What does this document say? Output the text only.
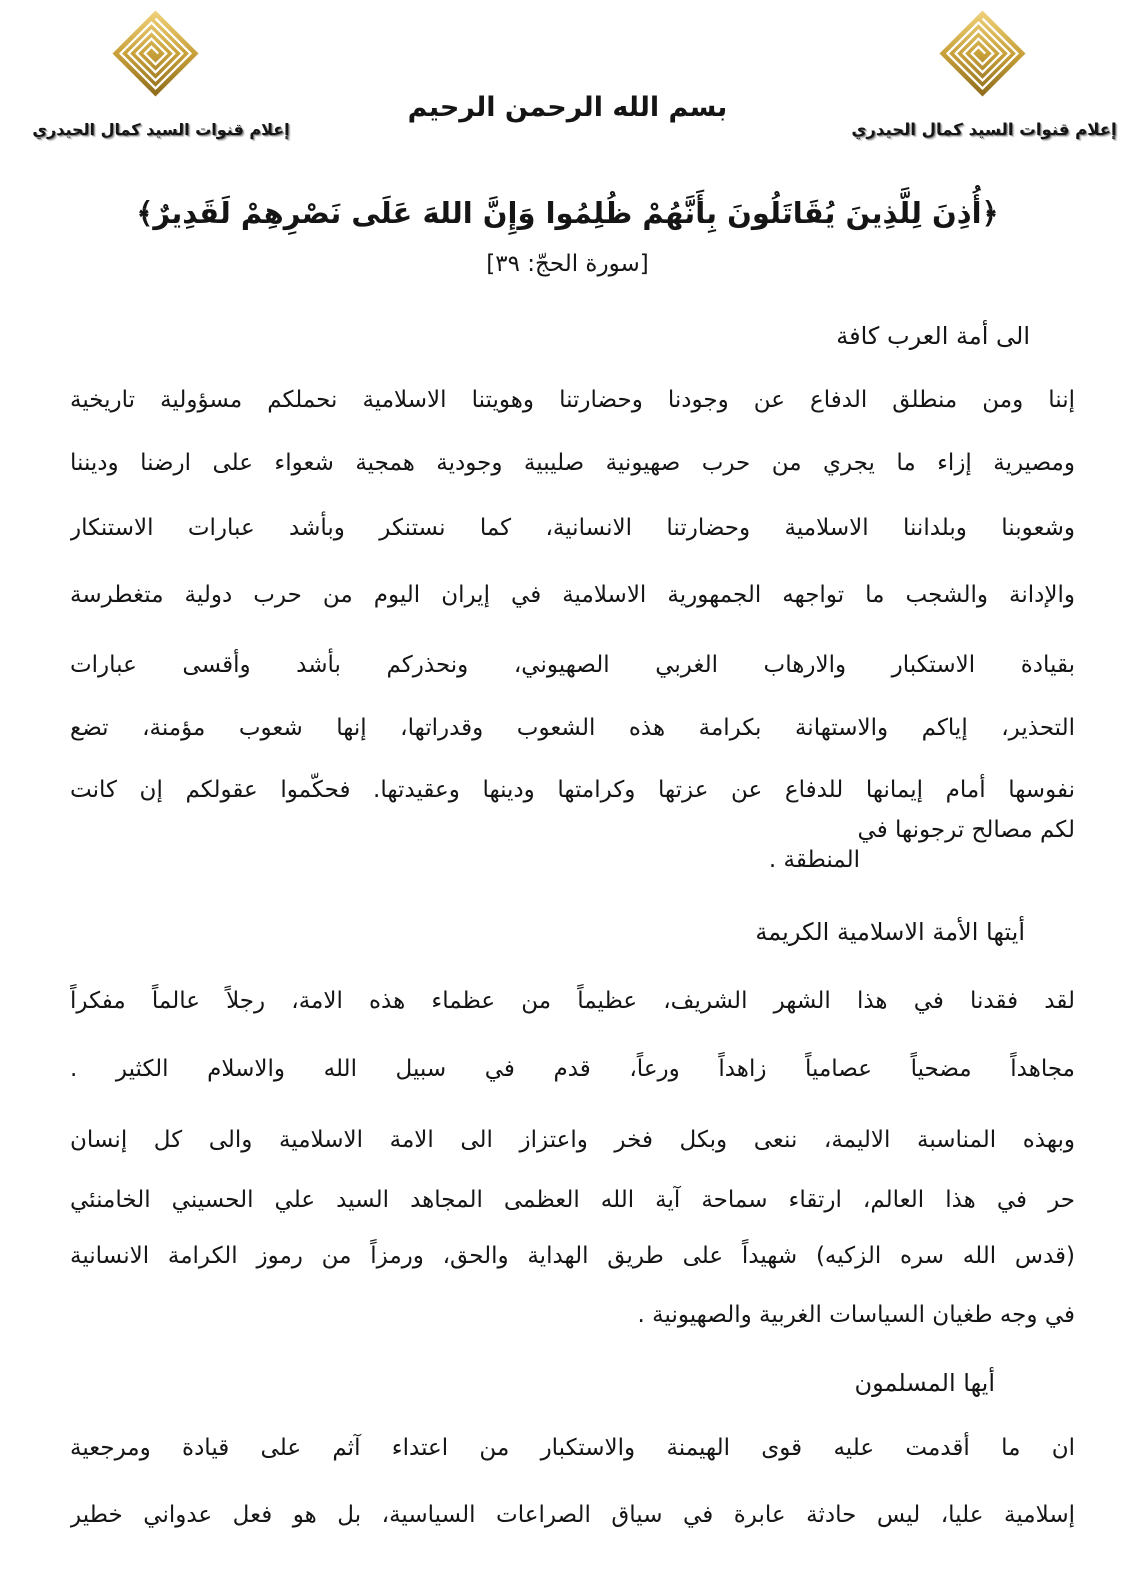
إعلام قنوات السيد كمال الحيدري	إعلام قنوات السيد كمال الحيدري
بسم الله الرحمن الرحيم
﴿أُذِنَ لِلَّذِينَ يُقَاتَلُونَ بِأَنَّهُمْ ظُلِمُوا وَإِنَّ اللهَ عَلَى نَصْرِهِمْ لَقَدِيرٌ﴾
[سورة الحجّ: ٣٩]
الى أمة العرب كافة
إننا ومن منطلق الدفاع عن وجودنا وحضارتنا وهويتنا الاسلامية نحملكم مسؤولية تاريخية
ومصيرية إزاء ما يجري من حرب صهيونية صليبية وجودية همجية شعواء على ارضنا وديننا
وشعوبنا وبلداننا الاسلامية وحضارتنا الانسانية، كما نستنكر وبأشد عبارات الاستنكار
والإدانة والشجب ما تواجهه الجمهورية الاسلامية في إيران اليوم من حرب دولية متغطرسة
بقيادة الاستكبار والارهاب الغربي الصهيوني، ونحذركم بأشد وأقسى عبارات
التحذير، إياكم والاستهانة بكرامة هذه الشعوب وقدراتها، إنها شعوب مؤمنة، تضع
نفوسها أمام إيمانها للدفاع عن عزتها وكرامتها ودينها وعقيدتها. فحكّموا عقولكم إن كانت
لكم مصالح ترجونها في
المنطقة .
أيتها الأمة الاسلامية الكريمة
لقد فقدنا في هذا الشهر الشريف، عظيماً من عظماء هذه الامة، رجلاً عالماً مفكراً
مجاهداً مضحياً عصامياً زاهداً ورعاً، قدم في سبيل الله والاسلام الكثير .
وبهذه المناسبة الاليمة، ننعى وبكل فخر واعتزاز الى الامة الاسلامية والى كل إنسان
حر في هذا العالم، ارتقاء سماحة آية الله العظمى المجاهد السيد علي الحسيني الخامنئي
(قدس الله سره الزكيه) شهيداً على طريق الهداية والحق، ورمزاً من رموز الكرامة الانسانية
في وجه طغيان السياسات الغربية والصهيونية .
أيها المسلمون
ان ما أقدمت عليه قوى الهيمنة والاستكبار من اعتداء آثم على قيادة ومرجعية
إسلامية عليا، ليس حادثة عابرة في سياق الصراعات السياسية، بل هو فعل عدواني خطير
